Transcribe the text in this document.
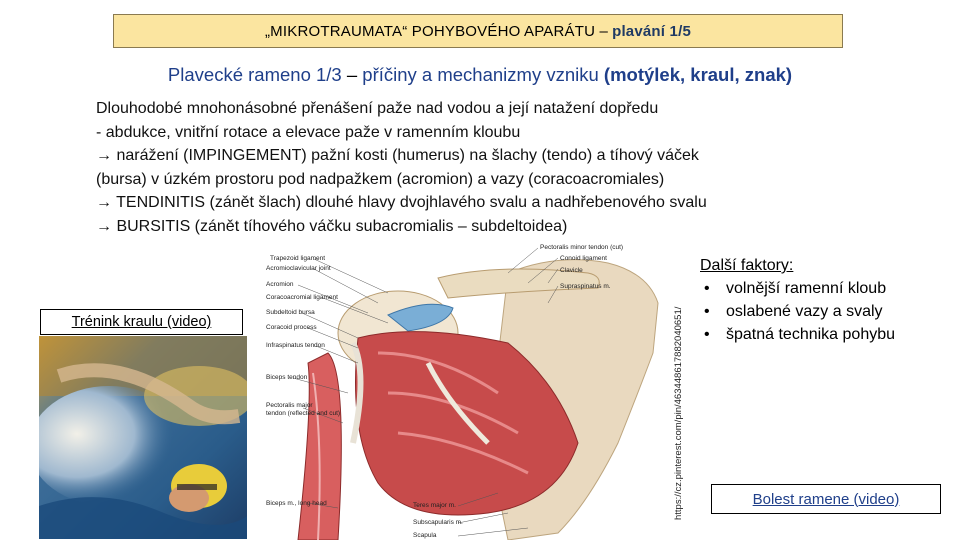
„MIKROTRAUMATA“ POHYBOVÉHO APARÁTU
– plavání 1/5
Plavecké rameno 1/3 – příčiny a mechanizmy vzniku (motýlek, kraul, znak)
Dlouhodobé mnohonásobné přenášení paže nad vodou a její natažení dopředu
- abdukce, vnitřní rotace a elevace paže v ramenním kloubu
→ narážení (IMPINGEMENT) pažní kosti (humerus) na šlachy (tendo) a tíhový váček
(bursa) v úzkém prostoru pod nadpažkem (acromion) a vazy (coracoacromiales)
→ TENDINITIS (zánět šlach) dlouhé hlavy dvojhlavého svalu a nadhřebenového svalu
→ BURSITIS (zánět tíhového váčku subacromialis – subdeltoidea)
Trénink kraulu (video)
Trapezoid ligament
Acromioclavicular joint
Acromion
Coracoacromial ligament
Subdeltoid bursa
Coracoid process
Infraspinatus tendon
Biceps tendon
Pectoralis major
tendon (reflected and cut)
Biceps m., long head
Pectoralis minor tendon (cut)
Conoid ligament
Clavicle
Supraspinatus m.
Teres major m.
Subscapularis m.
Scapula
https://cz.pinterest.com/pin/463448617882040651/
Další faktory:
•	volnější ramenní kloub
•	oslabené vazy a svaly
•	špatná technika pohybu
Bolest ramene (video)
